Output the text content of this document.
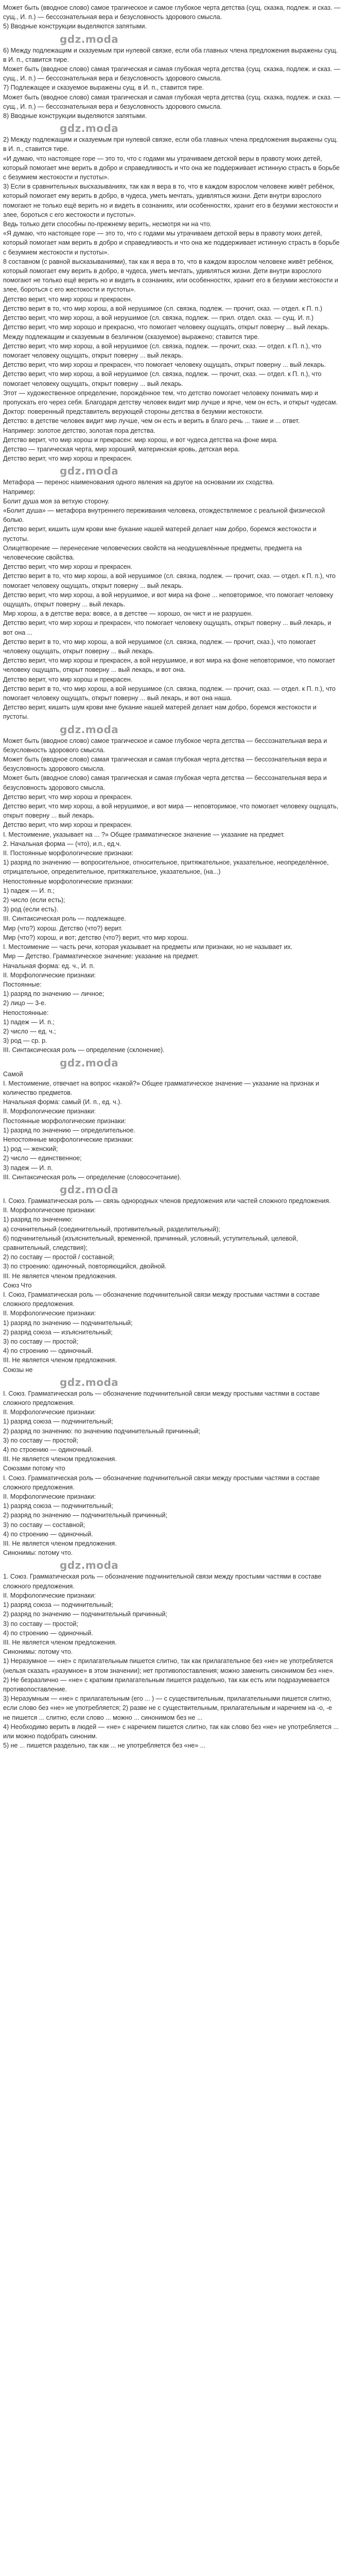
Может быть (вводное слово) самое трагическое и самое глубокое черта детства (сущ. сказка, подлеж. и сказ. — сущ., И. п.) — бессознательная вера и безусловность здорового смысла.

5) Вводные конструкции выделяются запятыми.

gdz.moda

6) Между подлежащим и сказуемым при нулевой связке, если оба главных члена предложения выражены сущ. в И. п., ставится тире.

Может быть (вводное слово) самая трагическая и самая глубокая черта детства (сущ. сказка, подлеж. и сказ. — сущ., И. п.) — бессознательная вера и безусловность здорового смысла.

7) Подлежащее и сказуемое выражены сущ. в И. п., ставится тире.

Может быть (вводное слово) самая трагическая и самая глубокая черта детства (сущ. сказка, подлеж. и сказ. — сущ., И. п.) — бессознательная вера и безусловность здорового смысла.

8) Вводные конструкции выделяются запятыми.

gdz.moda

2) Между подлежащим и сказуемым при нулевой связке, если оба главных члена предложения выражены сущ. в И. п., ставится тире.

«И думаю, что настоящее горе — это то, что с годами мы утрачиваем детской веры в правоту моих детей, который помогает мне верить в добро и справедливость и что она же поддерживает истинную страсть в борьбе с безумием жестокости и пустоты».

3) Если в сравнительных высказываниях, так как я вера в то, что в каждом взрослом человеке живёт ребёнок, который помогает ему верить в добро, в чудеса, уметь мечтать, удивляться жизни. Дети внутри взрослого помогают не только ещё верить но и видеть в сознаниях, или особенностях, хранит его в безумии жестокости и злее, бороться с его жестокости и пустоты».

Ведь только дети способны по-прежнему верить, несмотря ни на что.

«Я думаю, что настоящее горе — это то, что с годами мы утрачиваем детской веры в правоту моих детей, который помогает нам верить в добро и справедливость и что она же поддерживает истинную страсть в борьбе с безумием жестокости и пустоты».

8 составном (с равной высказываниями), так как я вера в то, что в каждом взрослом человеке живёт ребёнок, который помогает ему верить в добро, в чудеса, уметь мечтать, удивляться жизни. Дети внутри взрослого помогают не только ещё верить но и видеть в сознаниях, или особенностях, хранит его в безумии жестокости и злее, бороться с его жестокости и пустоты».

Детство верит, что мир хорош и прекрасен.

Детство верит в то, что мир хорош, а вой нерушимое (сл. связка, подлеж. — прочит, сказ. — отдел. к П. п.)

Детство верит, что мир хорош, а вой нерушимое (сл. связка, подлеж. — прил. отдел. сказ. — сущ. И. п.)

Детство верит, что мир хорошо и прекрасно, что помогает человеку ощущать, открыт поверну ... вый лекарь.

Между подлежащим и сказуемым в безличном (сказуемое) выражено; ставится тире.

Детство верит, что мир хорош, а вой нерушимое (сл. связка, подлеж. — прочит, сказ. — отдел. к П. п.), что помогает человеку ощущать, открыт поверну ... вый лекарь.

Детство верит, что мир хорош и прекрасен, что помогает человеку ощущать, открыт поверну ... вый лекарь.

Детство верит, что мир хорош, а вой нерушимое (сл. связка, подлеж. — прочит, сказ. — отдел. к П. п.), что помогает человеку ощущать, открыт поверну ... вый лекарь.

Этот — художественное определение, порождённое тем, что детство помогает человеку понимать мир и пропускать его через себя. Благодаря детству человек видит мир лучше и ярче, чем он есть, и открыт чудесам.

Доктор: поверенный представитель верующей стороны детства в безумии жестокости.

Детство: в детстве человек видит мир лучше, чем он есть и верить в благо речь ... такие и ... ответ.

Например: золотое детство, золотая пора детства.

Детство верит, что мир хорош и прекрасен: мир хорош, и вот чудеса детства на фоне мира.

Детство — трагическая черта, мир хороший, материнская кровь, детская вера.

Детство верит, что мир хорош и прекрасен.

gdz.moda

Метафора — перенос наименования одного явления на другое на основании их сходства.

Например:

Болит душа моя за ветхую сторону.

«Болит душа» — метафора внутреннего переживания человека, отождествляемое с реальной физической болью.

Детство верит, кишить шум крови мне букание нашей матерей делает нам добро, боремся жестокости и пустоты.

Олицетворение — перенесение человеческих свойств на неодушевлённые предметы, предмета на человеческие свойства.

Детство верит, что мир хорош и прекрасен.

Детство верит в то, что мир хорош, а вой нерушимое (сл. связка, подлеж. — прочит, сказ. — отдел. к П. п.), что помогает человеку ощущать, открыт поверну ... вый лекарь.

Детство верит, что мир хорош, а вой нерушимое, и вот мира на фоне ... неповторимое, что помогает человеку ощущать, открыт поверну ... вый лекарь.

Мир хорош, а в детстве вера: вовсе, а в детстве — хорошо, он чист и не разрушен.

Детство верит, что мир хорош и прекрасен, что помогает человеку ощущать, открыт поверну ... вый лекарь, и вот она ...

Детство верит в то, что мир хорош, а вой нерушимое (сл. связка, подлеж. — прочит, сказ.), что помогает человеку ощущать, открыт поверну ... вый лекарь.

Детство верит, что мир хорош и прекрасен, а вой нерушимое, и вот мира на фоне неповторимое, что помогает человеку ощущать, открыт поверну ... вый лекарь, и вот она.

Детство верит, что мир хорош и прекрасен.

Детство верит в то, что мир хорош, а вой нерушимое (сл. связка, подлеж. — прочит, сказ. — отдел. к П. п.), что помогает человеку ощущать, открыт поверну ... вый лекарь, и вот она наша.

Детство верит, кишить шум крови мне букание нашей матерей делает нам добро, боремся жестокости и пустоты.

gdz.moda

Может быть (вводное слово) самое трагическое и самое глубокое черта детства — бессознательная вера и безусловность здорового смысла.

Может быть (вводное слово) самая трагическая и самая глубокая черта детства — бессознательная вера и безусловность здорового смысла.

Может быть (вводное слово) самая трагическая и самая глубокая черта детства — бессознательная вера и безусловность здорового смысла.

Детство верит, что мир хорош и прекрасен.

Детство верит, что мир хорош, а вой нерушимое, и вот мира — неповторимое, что помогает человеку ощущать, открыт поверну ... вый лекарь.

Детство верит, что мир хорош и прекрасен.

I. Местоимение, указывает на ... ?» Общее грамматическое значение — указание на предмет.

2. Начальная форма — (что), и.п., ед.ч.

II. Постоянные морфологические признаки:

1) разряд по значению — вопросительное, относительное, притяжательное, указательное, неопределённое, отрицательное, определительное, притяжательное, указательное, (на...)

Непостоянные морфологические признаки:

1) падеж — И. п.;

2) число (если есть);

3) род (если есть).

III. Синтаксическая роль — подлежащее.

Мир (что?) хорош. Детство (что?) верит.

Мир (что?) хорош, и вот; детство (что?) верит, что мир хорош.

I. Местоимение — часть речи, которая указывает на предметы или признаки, но не называет их.

Мир — Детство. Грамматическое значение: указание на предмет.

Начальная форма: ед. ч., И. п.

II. Морфологические признаки:

Постоянные:

1) разряд по значению — личное;

2) лицо — 3-е.

Непостоянные:

1) падеж — И. п.;

2) число — ед. ч.;

3) род — ср. р.

III. Синтаксическая роль — определение (склонение).

gdz.moda

Самой

I. Местоимение, отвечает на вопрос «какой?» Общее грамматическое значение — указание на признак и количество предметов.

Начальная форма: самый (И. п., ед. ч.).

II. Морфологические признаки:

Постоянные морфологические признаки:

1) разряд по значению — определительное.

Непостоянные морфологические признаки:

1) род — женский;

2) число — единственное;

3) падеж — И. п.

III. Синтаксическая роль — определение (словосочетание).

gdz.moda

I. Союз. Грамматическая роль — связь однородных членов предложения или частей сложного предложения.

II. Морфологические признаки:

1) разряд по значению:

а) сочинительный (соединительный, противительный, разделительный);

б) подчинительный (изъяснительный, временной, причинный, условный, уступительный, целевой, сравнительный, следствия);

2) по составу — простой / составной;

3) по строению: одиночный, повторяющийся, двойной.

III. Не является членом предложения.

Союз Что

I. Союз, Грамматическая роль — обозначение подчинительной связи между простыми частями в составе сложного предложения.

II. Морфологические признаки:

1) разряд по значению — подчинительный;

2) разряд союза — изъяснительный;

3) по составу — простой;

4) по строению — одиночный.

III. Не является членом предложения.

Союзы не

gdz.moda

I. Союз. Грамматическая роль — обозначение подчинительной связи между простыми частями в составе сложного предложения.

II. Морфологические признаки:

1) разряд союза — подчинительный;

2) разряд по значению: по значению подчинительный причинный;

3) по составу — простой;

4) по строению — одиночный.

III. Не является членом предложения.

Союзами потому что

I. Союз. Грамматическая роль — обозначение подчинительной связи между простыми частями в составе сложного предложения.

II. Морфологические признаки:

1) разряд союза — подчинительный;

2) разряд по значению — подчинительный причинный;

3) по составу — составной;

4) по строению — одиночный.

III. Не является членом предложения.

Синонимы: потому что.

gdz.moda

1. Союз. Грамматическая роль — обозначение подчинительной связи между простыми частями в составе сложного предложения.

II. Морфологические признаки:

1) разряд союза — подчинительный;

2) разряд по значению — подчинительный причинный;

3) по составу — простой;

4) по строению — одиночный.

III. Не является членом предложения.

Синонимы: потому что.

1) Неразумное — «не» с прилагательным пишется слитно, так как прилагательное без «не» не употребляется (нельзя сказать «разумное» в этом значении); нет противопоставления; можно заменить синонимом без «не».

2) Не безразлично — «не» с кратким прилагательным пишется раздельно, так как есть или подразумевается противопоставление.

3) Неразумным — «не» с прилагательным (его ... ) — с существительным, прилагательными пишется слитно, если слово без «не» не употребляется; 2) разве не с существительным, прилагательным и наречием на -о, -е не пишется ... слитно, если слово ... можно ... синонимом без не ...

4) Необходимо верить в людей — «не» с наречием пишется слитно, так как слово без «не» не употребляется ... или можно подобрать синоним.

5) не ... пишется раздельно, так как ... не употребляется без «не» ...
